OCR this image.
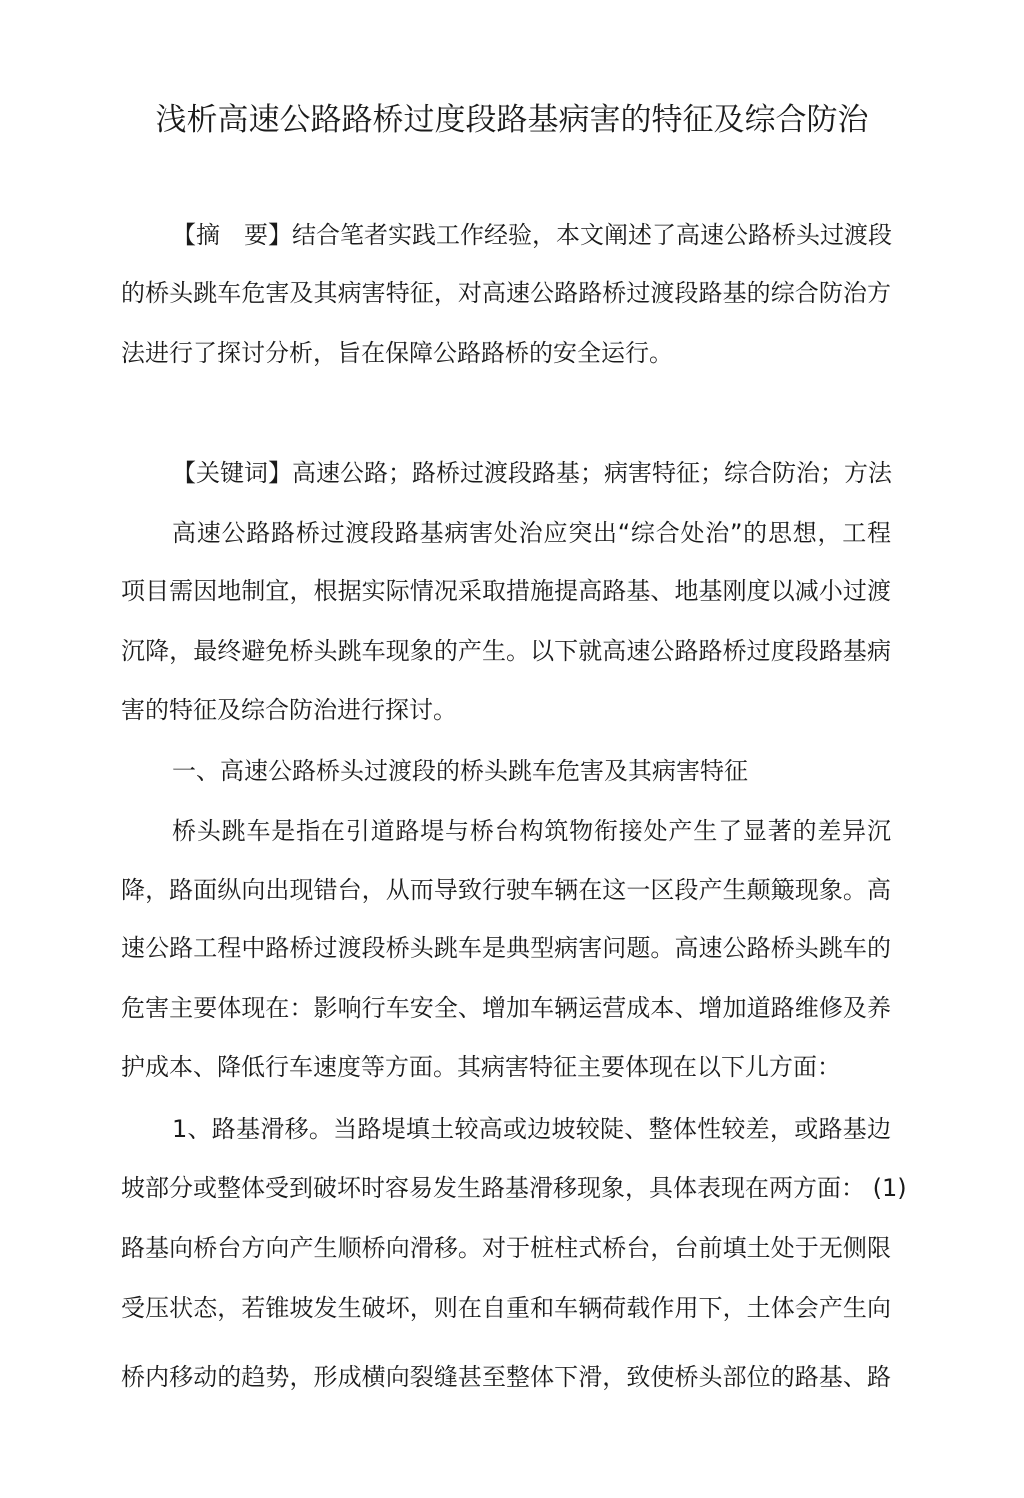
浅析高速公路路桥过度段路基病害的特征及综合防治
【摘　要】结合笔者实践工作经验，本文阐述了高速公路桥头过渡段
的桥头跳车危害及其病害特征，对高速公路路桥过渡段路基的综合防治方
法进行了探讨分析，旨在保障公路路桥的安全运行。
【关键词】高速公路；路桥过渡段路基；病害特征；综合防治；方法
高速公路路桥过渡段路基病害处治应突出“综合处治”的思想，工程
项目需因地制宜，根据实际情况采取措施提高路基、地基刚度以减小过渡
沉降，最终避免桥头跳车现象的产生。以下就高速公路路桥过度段路基病
害的特征及综合防治进行探讨。
一、高速公路桥头过渡段的桥头跳车危害及其病害特征
桥头跳车是指在引道路堤与桥台构筑物衔接处产生了显著的差异沉
降，路面纵向出现错台，从而导致行驶车辆在这一区段产生颠簸现象。高
速公路工程中路桥过渡段桥头跳车是典型病害问题。高速公路桥头跳车的
危害主要体现在：影响行车安全、增加车辆运营成本、增加道路维修及养
护成本、降低行车速度等方面。其病害特征主要体现在以下儿方面：
1、路基滑移。当路堤填土较高或边坡较陡、整体性较差，或路基边
坡部分或整体受到破坏时容易发生路基滑移现象，具体表现在两方面： (1)
路基向桥台方向产生顺桥向滑移。对于桩柱式桥台，台前填土处于无侧限
受压状态，若锥坡发生破坏，则在自重和车辆荷载作用下，土体会产生向
桥内移动的趋势，形成横向裂缝甚至整体下滑，致使桥头部位的路基、路
